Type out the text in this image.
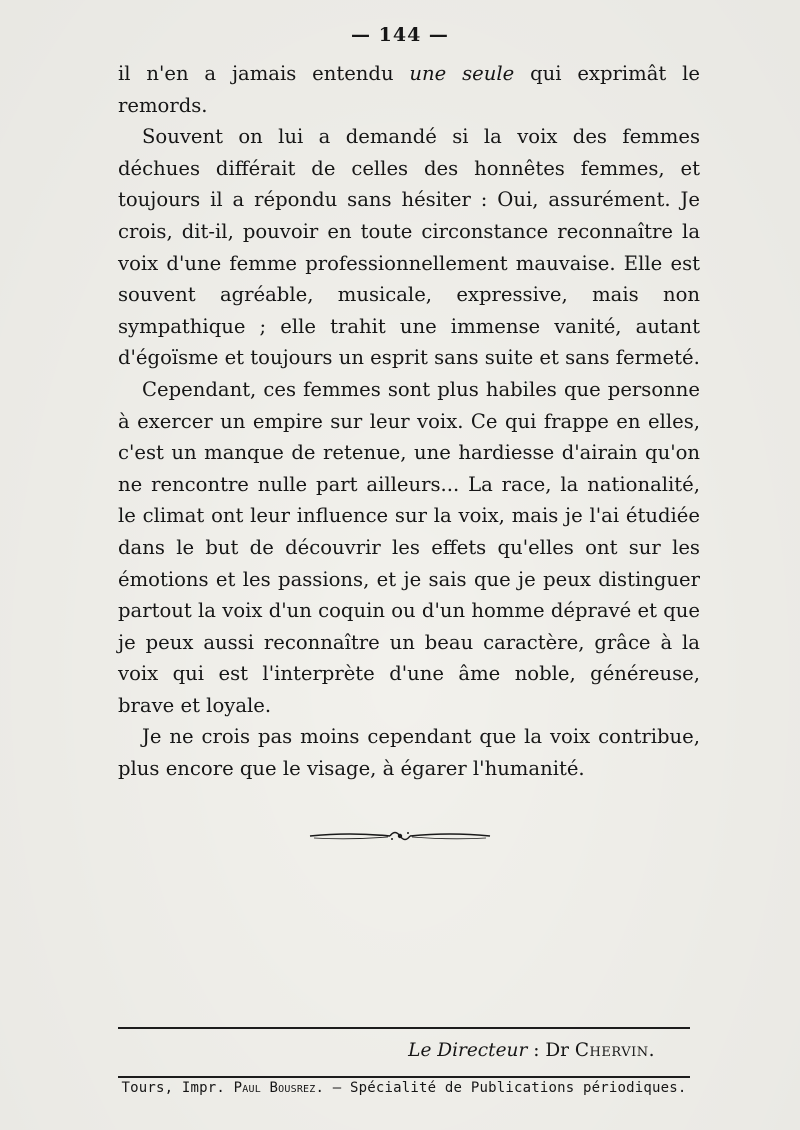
— 144 —

il n'en a jamais entendu une seule qui exprimât le remords.

Souvent on lui a demandé si la voix des femmes déchues différait de celles des honnêtes femmes, et toujours il a répondu sans hésiter : Oui, assurément. Je crois, dit-il, pouvoir en toute circonstance reconnaître la voix d'une femme professionnellement mauvaise. Elle est souvent agréable, musicale, expressive, mais non sympathique ; elle trahit une immense vanité, autant d'égoïsme et toujours un esprit sans suite et sans fermeté.

Cependant, ces femmes sont plus habiles que personne à exercer un empire sur leur voix. Ce qui frappe en elles, c'est un manque de retenue, une hardiesse d'airain qu'on ne rencontre nulle part ailleurs... La race, la nationalité, le climat ont leur influence sur la voix, mais je l'ai étudiée dans le but de découvrir les effets qu'elles ont sur les émotions et les passions, et je sais que je peux distinguer partout la voix d'un coquin ou d'un homme dépravé et que je peux aussi reconnaître un beau caractère, grâce à la voix qui est l'interprète d'une âme noble, généreuse, brave et loyale.

Je ne crois pas moins cependant que la voix contribue, plus encore que le visage, à égarer l'humanité.

Le Directeur : Dr Chervin.
Tours, Impr. Paul Bousrez. — Spécialité de Publications périodiques.
